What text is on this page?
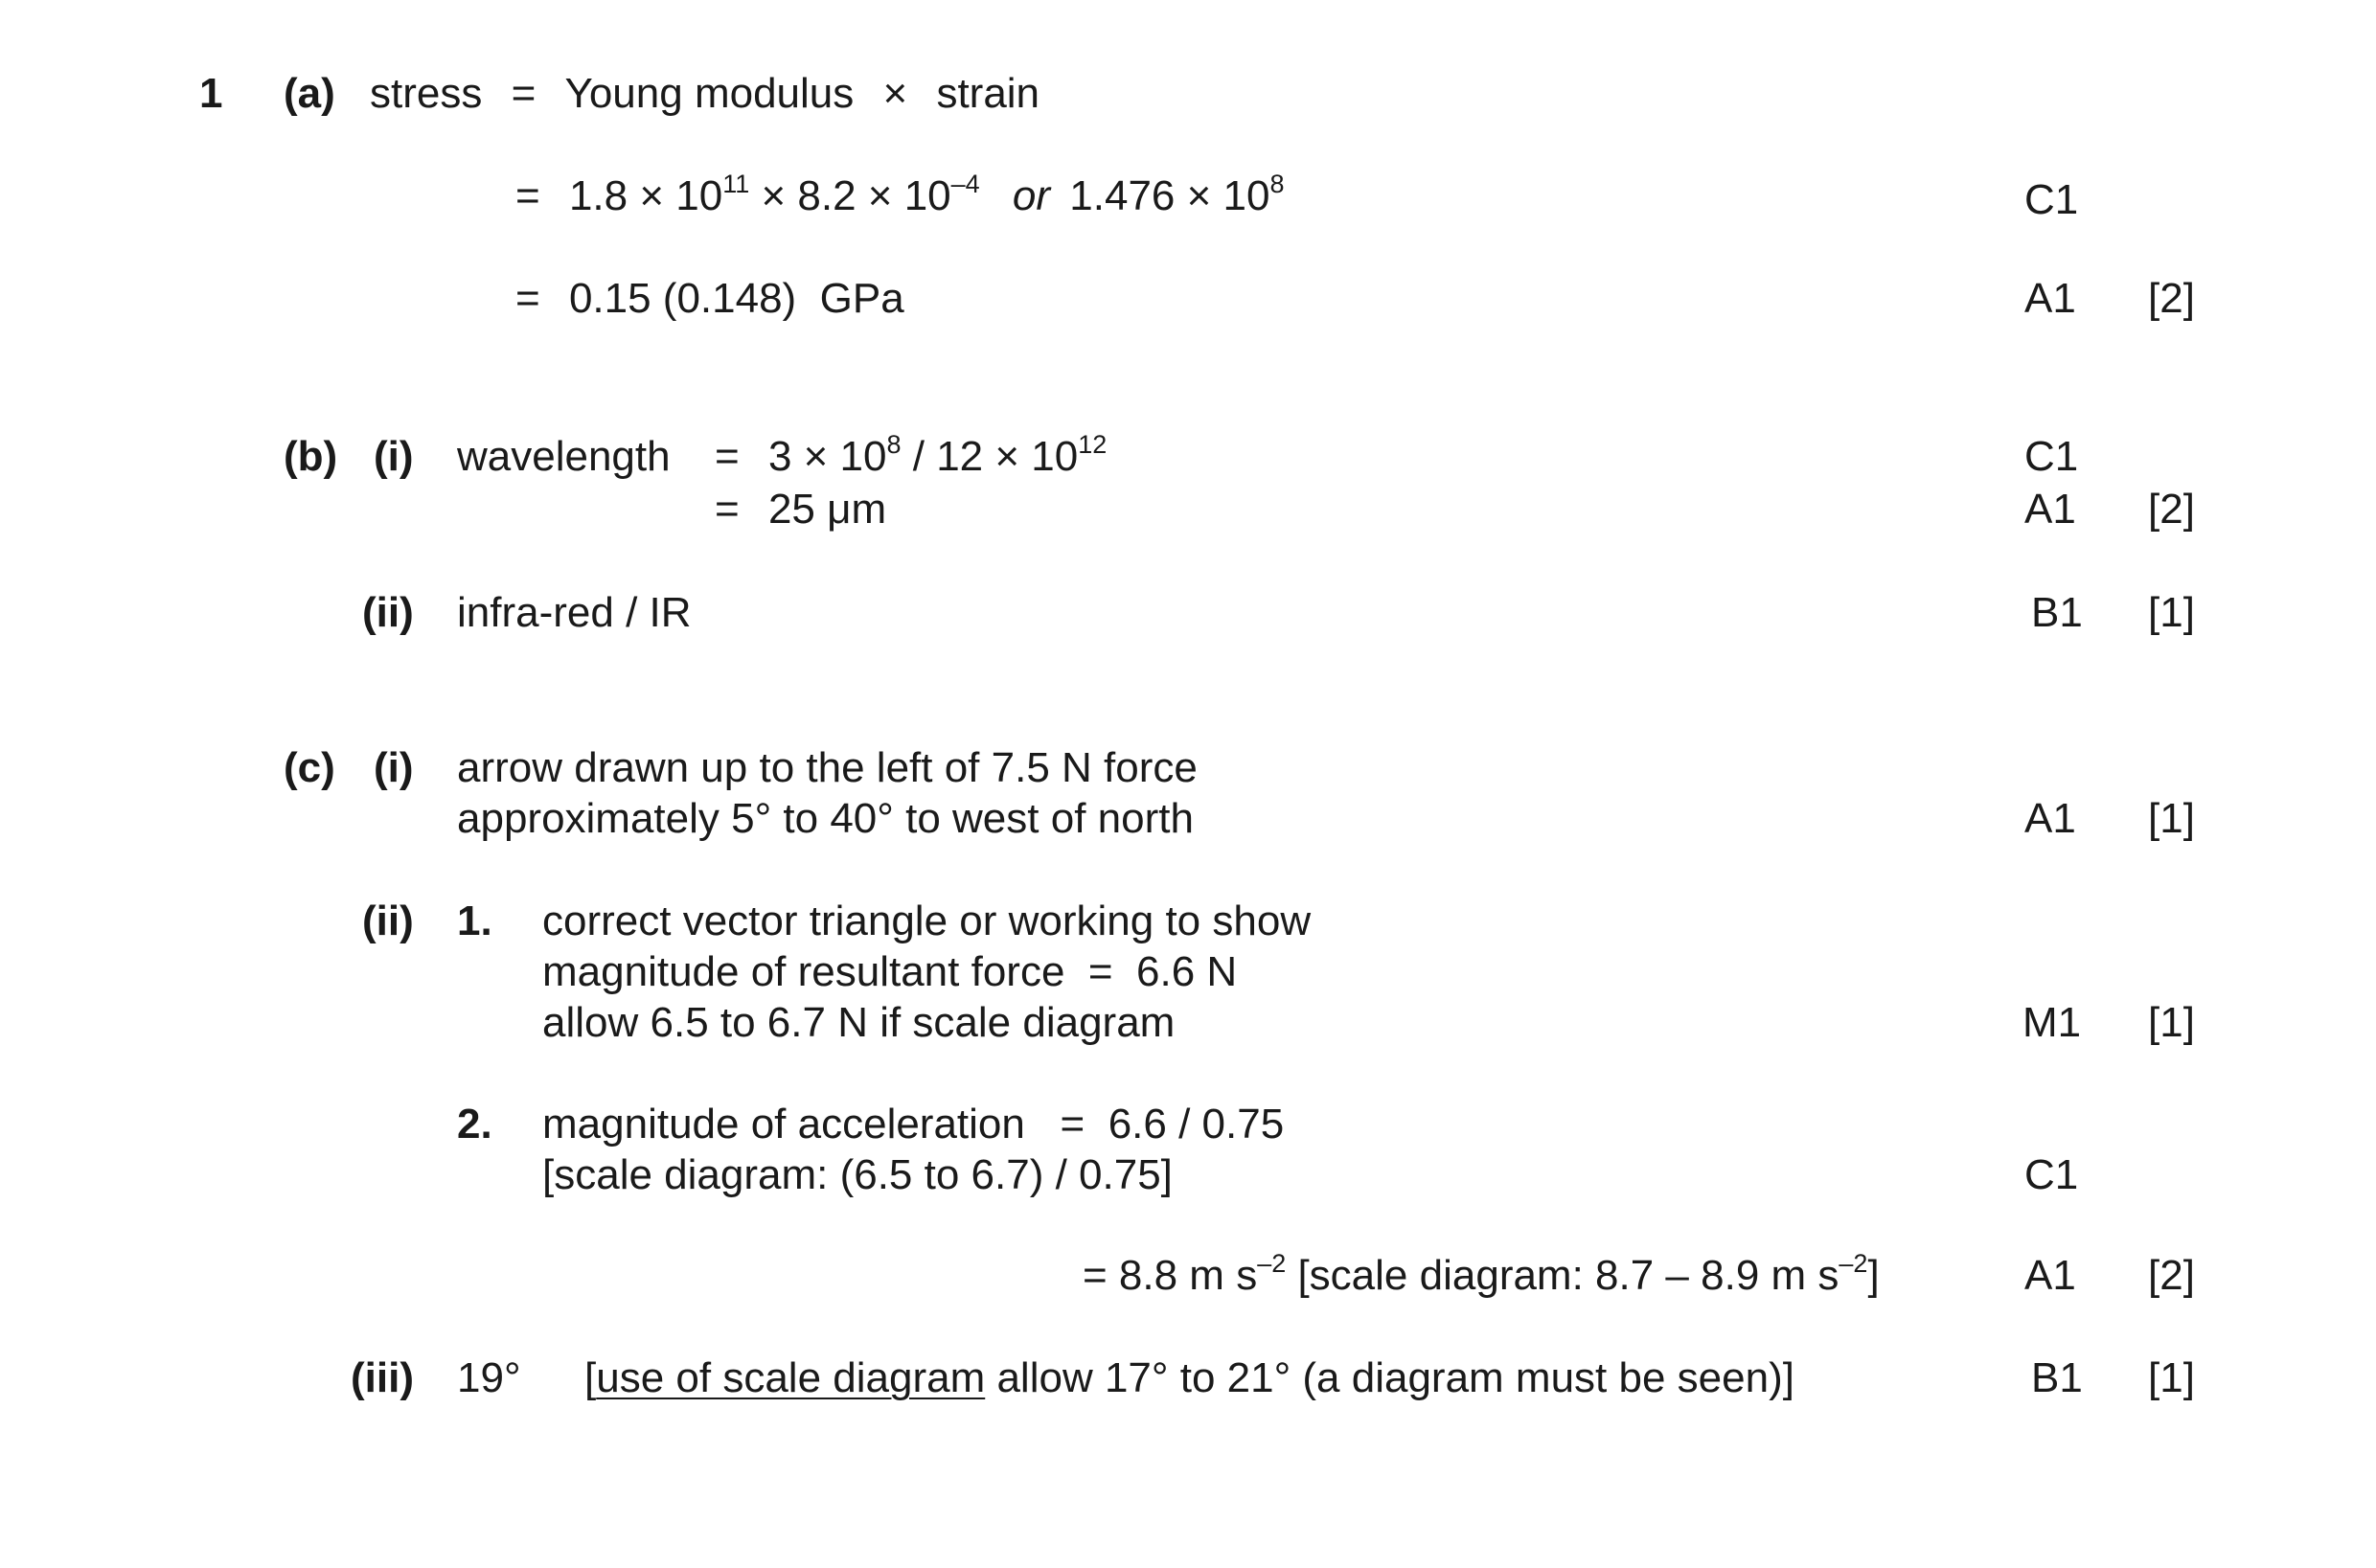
1 (a) stress = Young modulus × strain
= $1.8 \times 10^{11} \times 8.2 \times 10^{-4}$ or $1.476 \times 10^8$	C1
= 0.15 (0.148)  GPa	A1 [2]
(b) (i) wavelength = $3 \times 10^8 / 12 \times 10^{12}$	C1
= 25 μm	A1 [2]
(ii) infra-red / IR	B1 [1]
(c) (i) arrow drawn up to the left of 7.5 N force
approximately 5° to 40° to west of north	A1 [1]
(ii) 1. correct vector triangle or working to show
magnitude of resultant force  =  6.6 N
allow 6.5 to 6.7 N if scale diagram	M1 [1]
2. magnitude of acceleration   =  6.6 / 0.75
[scale diagram: (6.5 to 6.7) / 0.75]	C1
= 8.8 m $s^{-2}$ [scale diagram: 8.7 – 8.9 m $s^{-2}$]	A1 [2]
(iii) 19° [use of scale diagram allow 17° to 21° (a diagram must be seen)]	B1 [1]
